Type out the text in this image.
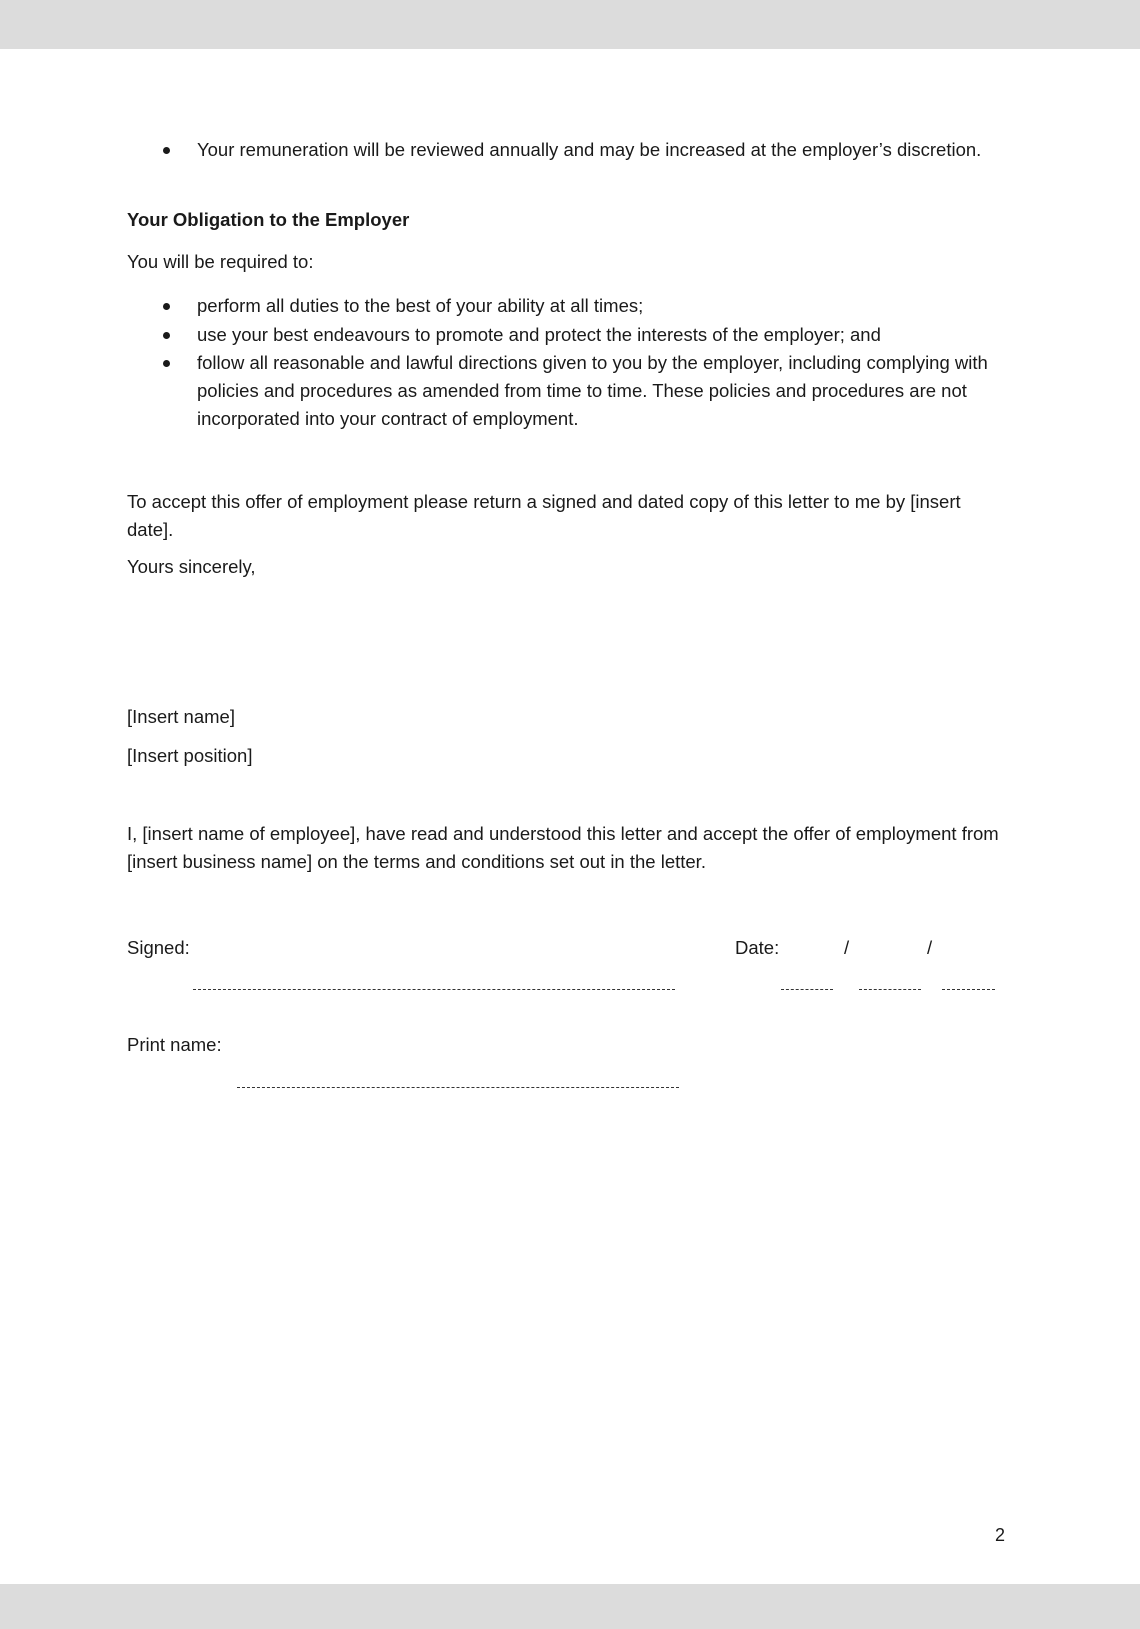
Your remuneration will be reviewed annually and may be increased at the employer’s discretion.
Your Obligation to the Employer
You will be required to:
perform all duties to the best of your ability at all times;
use your best endeavours to promote and protect the interests of the employer; and
follow all reasonable and lawful directions given to you by the employer, including complying with policies and procedures as amended from time to time. These policies and procedures are not incorporated into your contract of employment.
To accept this offer of employment please return a signed and dated copy of this letter to me by [insert date].
Yours sincerely,
[Insert name]
[Insert position]
I, [insert name of employee], have read and understood this letter and accept the offer of employment from [insert business name] on the terms and conditions set out in the letter.
Signed:	Date:	/	/
Print name:
2
